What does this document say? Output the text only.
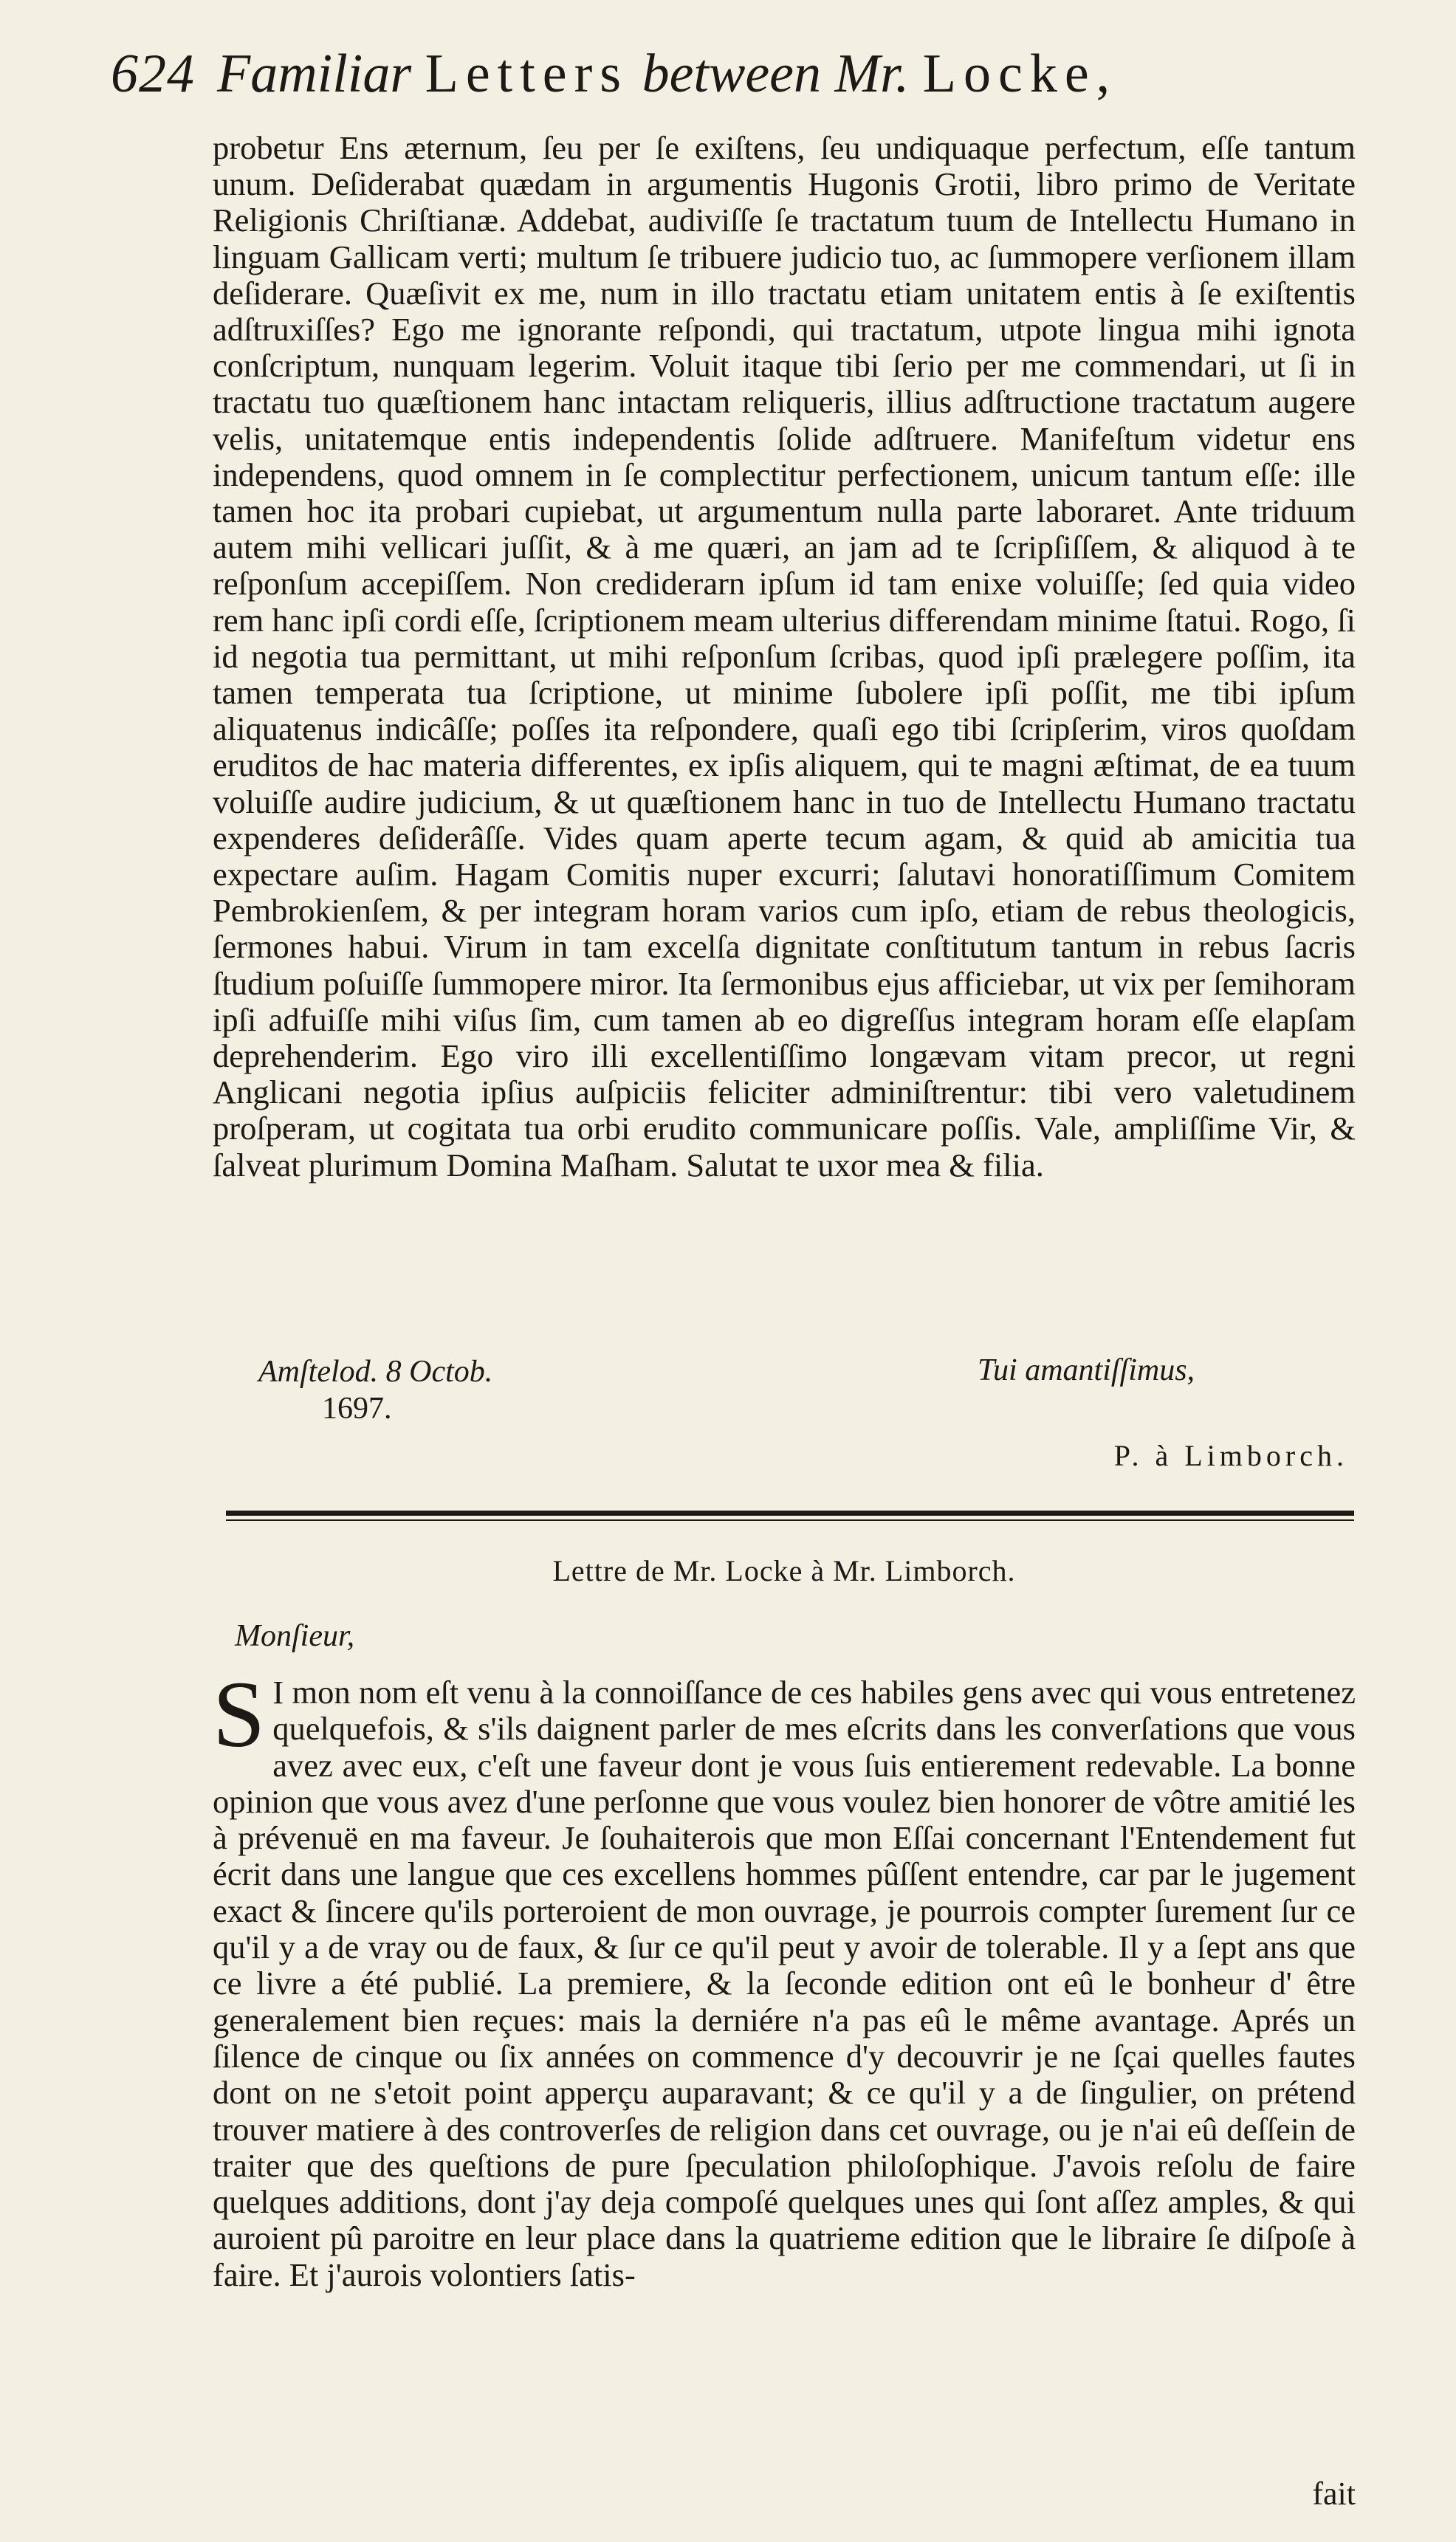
624 Familiar Letters between Mr. Locke,

probetur Ens æternum, ſeu per ſe exiſtens, ſeu undiquaque perfectum, eſſe tantum unum. Deſiderabat quædam in argumentis Hugonis Grotii, libro primo de Veritate Religionis Chriſtianæ. Addebat, audiviſſe ſe tractatum tuum de Intellectu Humano in linguam Gallicam verti; multum ſe tribuere judicio tuo, ac ſummopere verſionem illam deſiderare. Quæſivit ex me, num in illo tractatu etiam unitatem entis à ſe exiſtentis adſtruxiſſes? Ego me ignorante reſpondi, qui tractatum, utpote lingua mihi ignota conſcriptum, nunquam legerim. Voluit itaque tibi ſerio per me commendari, ut ſi in tractatu tuo quæſtionem hanc intactam reliqueris, illius adſtructione tractatum augere velis, unitatemque entis independentis ſolide adſtruere. Manifeſtum videtur ens independens, quod omnem in ſe complectitur perfectionem, unicum tantum eſſe: ille tamen hoc ita probari cupiebat, ut argumentum nulla parte laboraret. Ante triduum autem mihi vellicari juſſit, & à me quæri, an jam ad te ſcripſiſſem, & aliquod à te reſponſum accepiſſem. Non crediderarn ipſum id tam enixe voluiſſe; ſed quia video rem hanc ipſi cordi eſſe, ſcriptionem meam ulterius differendam minime ſtatui. Rogo, ſi id negotia tua permittant, ut mihi reſponſum ſcribas, quod ipſi prælegere poſſim, ita tamen temperata tua ſcriptione, ut minime ſubolere ipſi poſſit, me tibi ipſum aliquatenus indicâſſe; poſſes ita reſpondere, quaſi ego tibi ſcripſerim, viros quoſdam eruditos de hac materia differentes, ex ipſis aliquem, qui te magni æſtimat, de ea tuum voluiſſe audire judicium, & ut quæſtionem hanc in tuo de Intellectu Humano tractatu expenderes deſiderâſſe. Vides quam aperte tecum agam, & quid ab amicitia tua expectare auſim. Hagam Comitis nuper excurri; ſalutavi honoratiſſimum Comitem Pembrokienſem, & per integram horam varios cum ipſo, etiam de rebus theologicis, ſermones habui. Virum in tam excelſa dignitate conſtitutum tantum in rebus ſacris ſtudium poſuiſſe ſummopere miror. Ita ſermonibus ejus afficiebar, ut vix per ſemihoram ipſi adfuiſſe mihi viſus ſim, cum tamen ab eo digreſſus integram horam eſſe elapſam deprehenderim. Ego viro illi excellentiſſimo longævam vitam precor, ut regni Anglicani negotia ipſius auſpiciis feliciter adminiſtrentur: tibi vero valetudinem proſperam, ut cogitata tua orbi erudito communicare poſſis. Vale, ampliſſime Vir, & ſalveat plurimum Domina Maſham. Salutat te uxor mea & filia.

Amſtelod. 8 Octob.
1697.
Tui amantiſſimus,
P. à Limborch.
Lettre de Mr. Locke à Mr. Limborch.
Monſieur,

S I mon nom eſt venu à la connoiſſance de ces habiles gens avec qui vous entretenez quelquefois, & s'ils daignent parler de mes eſcrits dans les converſations que vous avez avec eux, c'eſt une faveur dont je vous ſuis entierement redevable. La bonne opinion que vous avez d'une perſonne que vous voulez bien honorer de vôtre amitié les à prévenuë en ma faveur. Je ſouhaiterois que mon Eſſai concernant l'Entendement fut écrit dans une langue que ces excellens hommes pûſſent entendre, car par le jugement exact & ſincere qu'ils porteroient de mon ouvrage, je pourrois compter ſurement ſur ce qu'il y a de vray ou de faux, & ſur ce qu'il peut y avoir de tolerable. Il y a ſept ans que ce livre a été publié. La premiere, & la ſeconde edition ont eû le bonheur d' être generalement bien reçues: mais la derniére n'a pas eû le même avantage. Aprés un ſilence de cinque ou ſix années on commence d'y decouvrir je ne ſçai quelles fautes dont on ne s'etoit point apperçu auparavant; & ce qu'il y a de ſingulier, on prétend trouver matiere à des controverſes de religion dans cet ouvrage, ou je n'ai eû deſſein de traiter que des queſtions de pure ſpeculation philoſophique. J'avois reſolu de faire quelques additions, dont j'ay deja compoſé quelques unes qui ſont aſſez amples, & qui auroient pû paroitre en leur place dans la quatrieme edition que le libraire ſe diſpoſe à faire. Et j'aurois volontiers ſatis-

fait
